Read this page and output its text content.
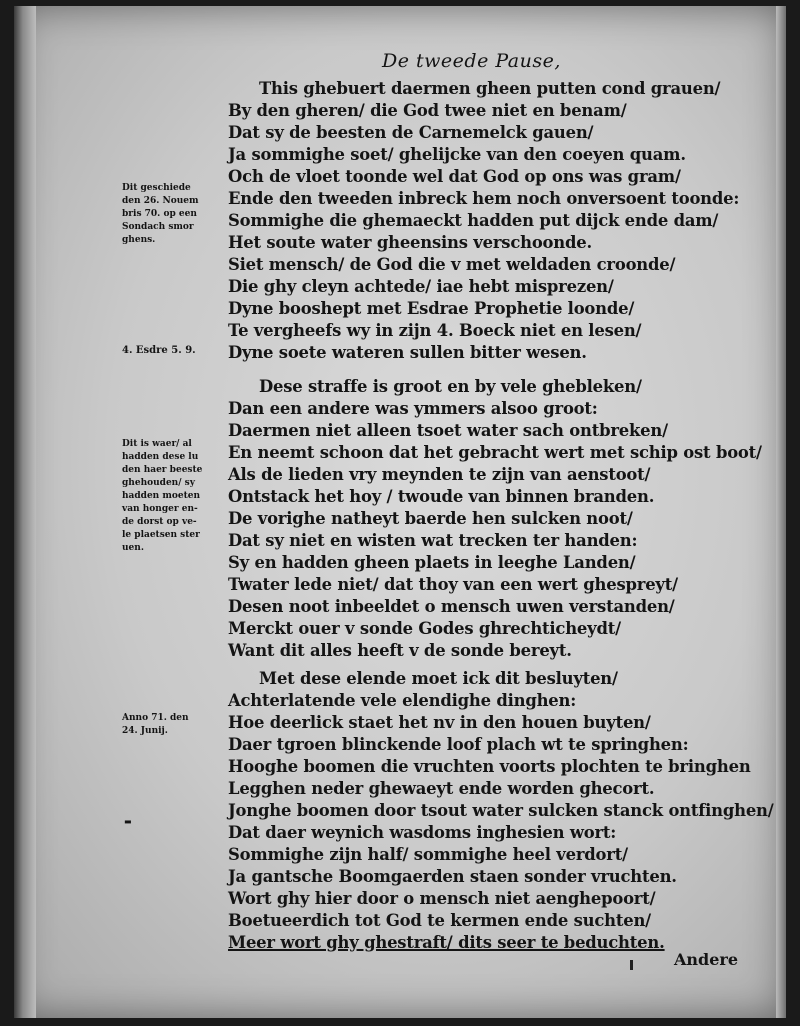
De tweede Pause,
This ghebuert daermen gheen putten cond grauen/
By den gheren/ die God twee niet en benam/
Dat sy de beesten de Carnemelck gauen/
Ja sommighe soet/ ghelijcke van den coeyen quam.
Och de vloet toonde wel dat God op ons was gram/
Ende den tweeden inbreck hem noch onversoent toonde:
Sommighe die ghemaeckt hadden put dijck ende dam/
Het soute water gheensins verschoonde.
Siet mensch/ de God die v met weldaden croonde/
Die ghy cleyn achtede/ iae hebt misprezen/
Dyne booshept met Esdrae Prophetie loonde/
Te vergheefs wy in zijn 4. Boeck niet en lesen/
Dyne soete wateren sullen bitter wesen.
Dese straffe is groot en by vele ghebleken/
Dan een andere was ymmers alsoo groot:
Daermen niet alleen tsoet water sach ontbreken/
En neemt schoon dat het gebracht wert met schip ost boot/
Als de lieden vry meynden te zijn van aenstoot/
Ontstack het hoy / twoude van binnen branden.
De vorighe natheyt baerde hen sulcken noot/
Dat sy niet en wisten wat trecken ter handen:
Sy en hadden gheen plaets in leeghe Landen/
Twater lede niet/ dat thoy van een wert ghespreyt/
Desen noot inbeeldet o mensch uwen verstanden/
Merckt ouer v sonde Godes ghrechticheydt/
Want dit alles heeft v de sonde bereyt.
Met dese elende moet ick dit besluyten/
Achterlatende vele elendighe dinghen:
Hoe deerlick staet het nv in den houen buyten/
Daer tgroen blinckende loof plach wt te springhen:
Hooghe boomen die vruchten voorts plochten te bringhen
Legghen neder ghewaeyt ende worden ghecort.
Jonghe boomen door tsout water sulcken stanck ontfinghen/
Dat daer weynich wasdoms inghesien wort:
Sommighe zijn half/ sommighe heel verdort/
Ja gantsche Boomgaerden staen sonder vruchten.
Wort ghy hier door o mensch niet aenghepoort/
Boetueerdich tot God te kermen ende suchten/
Meer wort ghy ghestraft/ dits seer te beduchten.
Dit geschiede
den 26. Nouem
bris 70. op een
Sondach smor
ghens.
4. Esdre 5. 9.
Dit is waer/ al
hadden dese lu
den haer beeste
ghehouden/ sy
hadden moeten
van honger en-
de dorst op ve-
le plaetsen ster
uen.
Anno 71. den
24. Junij.
▬
Andere
